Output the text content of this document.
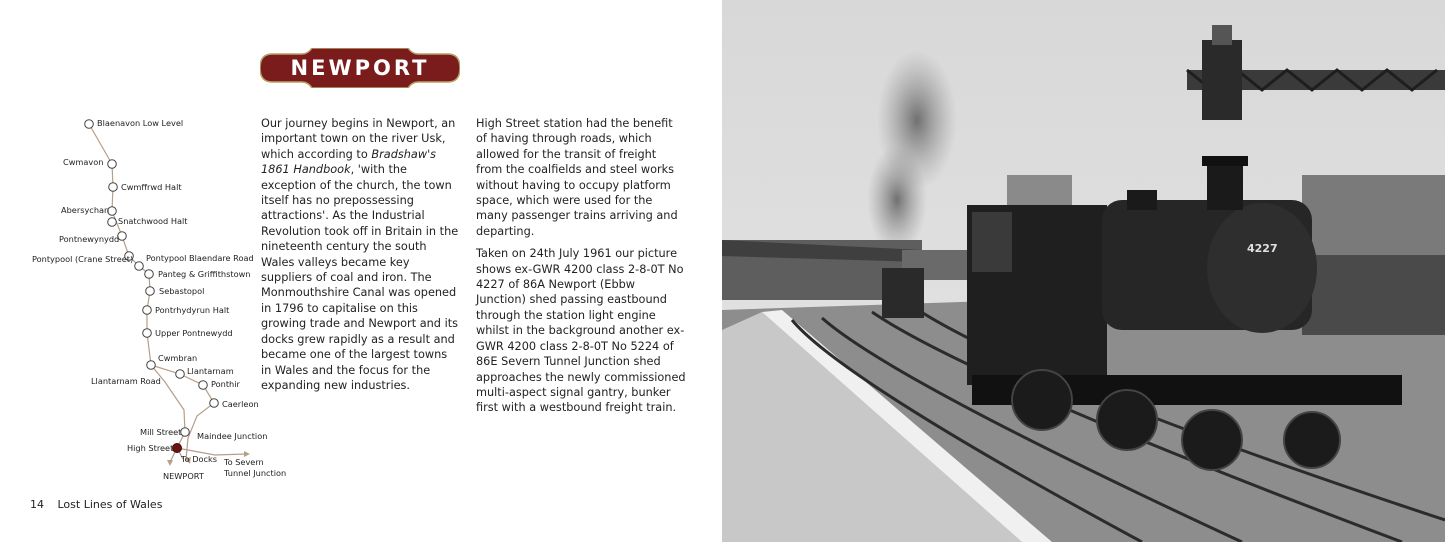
NEWPORT
Blaenavon Low Level
Cwmavon
Cwmffrwd Halt
Abersychan
Snatchwood Halt
Pontnewynydd
Pontypool (Crane Street) Pontypool Blaendare Road
Panteg & Griffithstown
Sebastopol
Pontrhydyrun Halt
Upper Pontnewydd
Cwmbran
Llantarnam
Llantarnam Road	Ponthir
Caerleon
Mill Street Maindee Junction
High Street
To Docks To Severn
Tunnel Junction
NEWPORT

Our journey begins in Newport, an important town on the river Usk, which according to Bradshaw's 1861 Handbook, 'with the exception of the church, the town itself has no prepossessing attractions'. As the Industrial Revolution took off in Britain in the nineteenth century the south Wales valleys became key suppliers of coal and iron. The Monmouthshire Canal was opened in 1796 to capitalise on this growing trade and Newport and its docks grew rapidly as a result and became one of the largest towns in Wales and the focus for the expanding new industries.

High Street station had the benefit of having through roads, which allowed for the transit of freight from the coalfields and steel works without having to occupy platform space, which were used for the many passenger trains arriving and departing.

Taken on 24th July 1961 our picture shows ex-GWR 4200 class 2-8-0T No 4227 of 86A Newport (Ebbw Junction) shed passing eastbound through the station light engine whilst in the background another ex-GWR 4200 class 2-8-0T No 5224 of 86E Severn Tunnel Junction shed approaches the newly commissioned multi-aspect signal gantry, bunker first with a westbound freight train.

14 Lost Lines of Wales
4227
